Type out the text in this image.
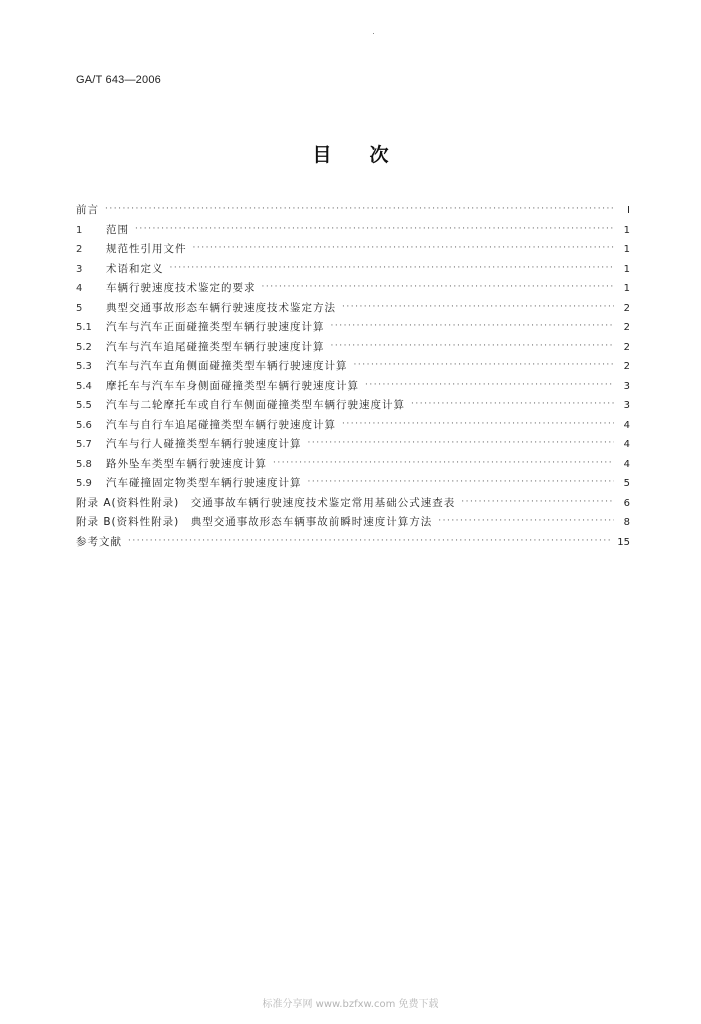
GA/T 643—2006
目 次
前言 ·····	I
1	范围 ·····	1
2	规范性引用文件 ·····	1
3	术语和定义 ·····	1
4	车辆行驶速度技术鉴定的要求 ·····	1
5	典型交通事故形态车辆行驶速度技术鉴定方法 ·····	2
5.1	汽车与汽车正面碰撞类型车辆行驶速度计算 ·····	2
5.2	汽车与汽车追尾碰撞类型车辆行驶速度计算 ·····	2
5.3	汽车与汽车直角侧面碰撞类型车辆行驶速度计算 ·····	2
5.4	摩托车与汽车车身侧面碰撞类型车辆行驶速度计算 ·····	3
5.5	汽车与二轮摩托车或自行车侧面碰撞类型车辆行驶速度计算 ·····	3
5.6	汽车与自行车追尾碰撞类型车辆行驶速度计算 ·····	4
5.7	汽车与行人碰撞类型车辆行驶速度计算 ·····	4
5.8	路外坠车类型车辆行驶速度计算 ·····	4
5.9	汽车碰撞固定物类型车辆行驶速度计算 ·····	5
附录 A(资料性附录)　交通事故车辆行驶速度技术鉴定常用基础公式速查表 ·····	6
附录 B(资料性附录)　典型交通事故形态车辆事故前瞬时速度计算方法 ·····	8
参考文献 ·····	15
标准分享网 www.bzfxw.com 免费下载
